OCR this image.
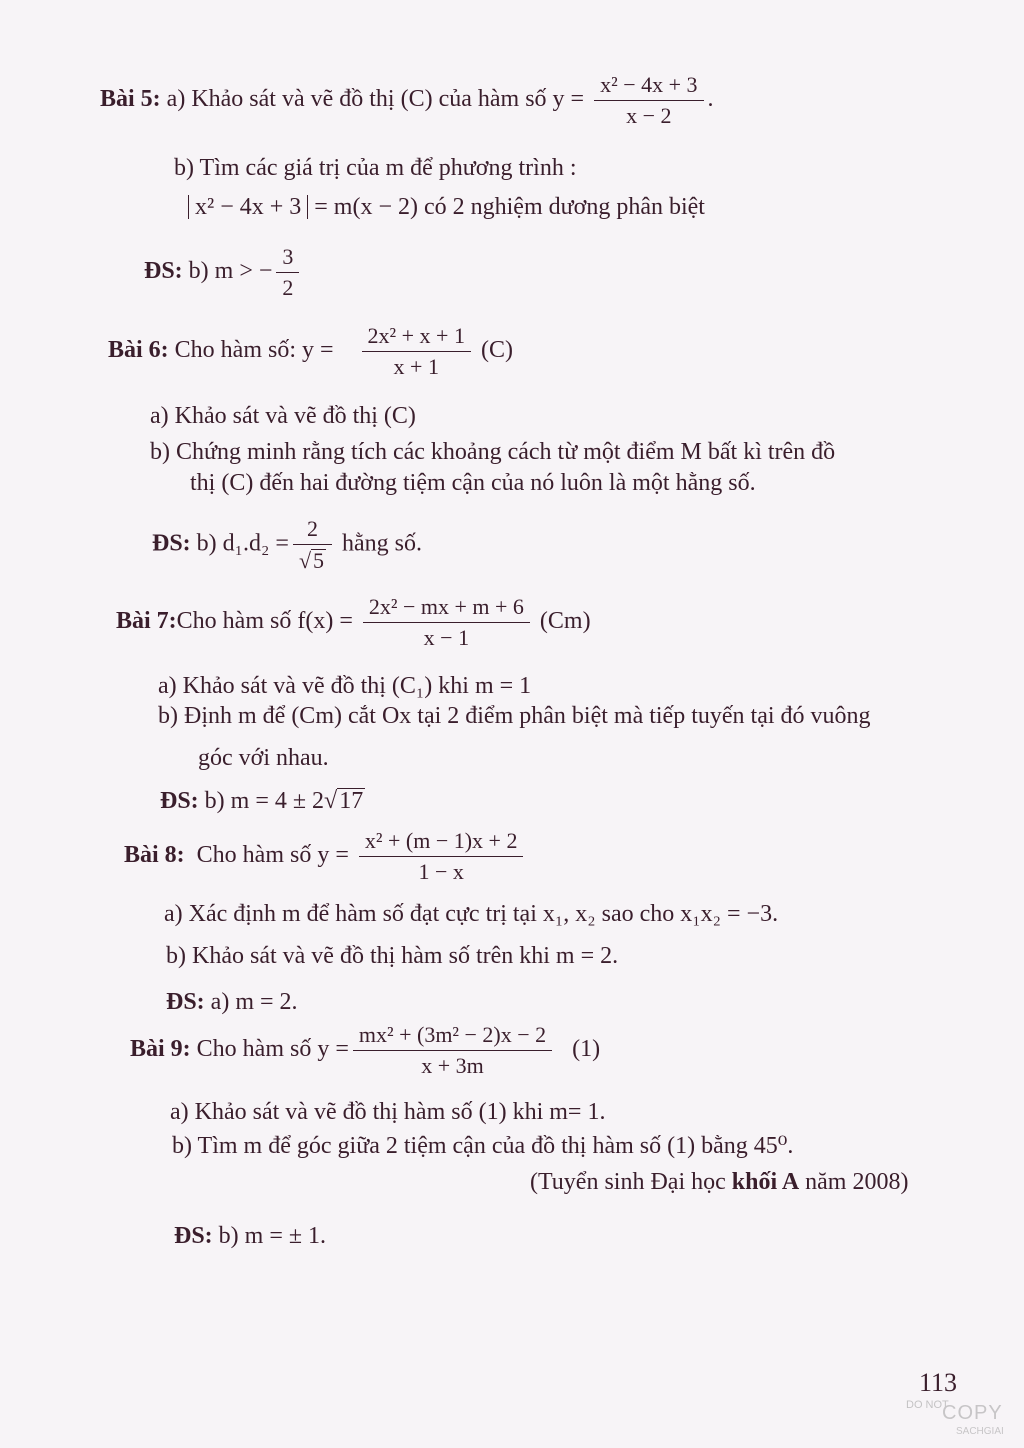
Bài 5: a) Khảo sát và vẽ đồ thị (C) của hàm số $y = \frac{\text{x² − 4x + 3}}{x - 2}$ .
b) Tìm các giá trị của m để phương trình :
x² − 4x + 3 = m(x − 2) có 2 nghiệm dương phân biệt
ĐS: b) m > − $\frac{3}{2}$
Bài 6: Cho hàm số: $y = \frac{\text{2x² + x + 1}}{x + 1} (C)$
a) Khảo sát và vẽ đồ thị (C)
b) Chứng minh rằng tích các khoảng cách từ một điểm M bất kì trên đồ
thị (C) đến hai đường tiệm cận của nó luôn là một hằng số.
ĐS: b) $d_1.d_2 = \frac{2}{√5}$ hằng số.
Bài 7:Cho hàm số $f(x) = \frac{\text{2x² − mx + m + 6}}{x - 1} (Cm)$
a) Khảo sát và vẽ đồ thị (C₁) khi m = 1
b) Định m để (Cm) cắt Ox tại 2 điểm phân biệt mà tiếp tuyến tại đó vuông
góc với nhau.
ĐS: b) m = 4 ± 2√17
Bài 8: Cho hàm số $y = \frac{\text{x² + (m − 1)x + 2}}{1 - x}$
a) Xác định m để hàm số đạt cực trị tại x₁, x₂ sao cho x₁x₂ = −3.
b) Khảo sát và vẽ đồ thị hàm số trên khi m = 2.
ĐS: a) m = 2.
Bài 9: Cho hàm số $y = \frac{\text{mx² + (3m² − 2)x − 2}}{x + 3m} (1)$
a) Khảo sát và vẽ đồ thị hàm số (1) khi m= 1.
b) Tìm m để góc giữa 2 tiệm cận của đồ thị hàm số (1) bằng 45⁰.
(Tuyển sinh Đại học khối A năm 2008)
ĐS: b) m = ± 1.
113
DO NOT
COPY
SACHGIAI
